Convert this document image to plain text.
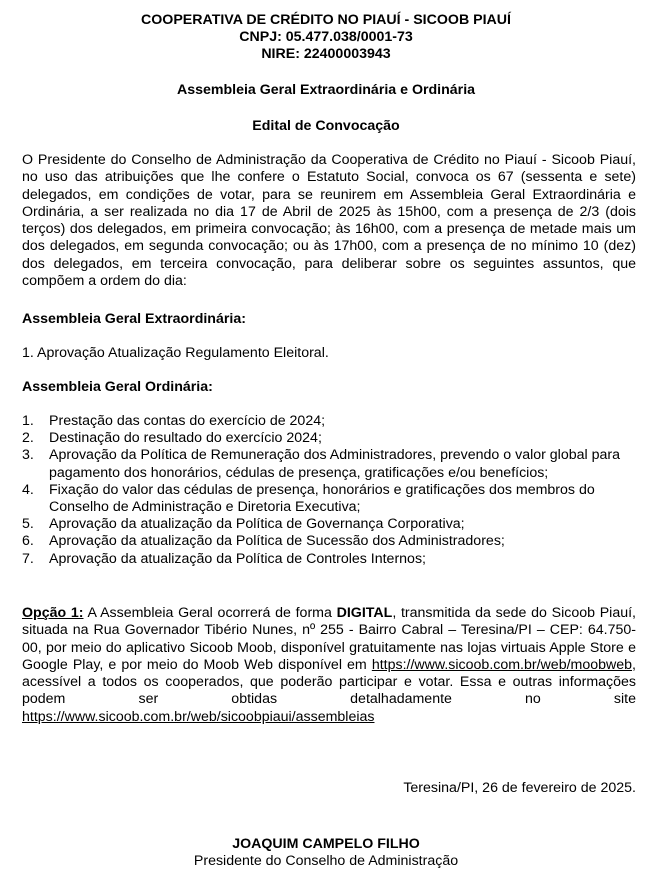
COOPERATIVA DE CRÉDITO NO PIAUÍ - SICOOB PIAUÍ
CNPJ: 05.477.038/0001-73
NIRE: 22400003943
Assembleia Geral Extraordinária e Ordinária
Edital de Convocação
O Presidente do Conselho de Administração da Cooperativa de Crédito no Piauí - Sicoob Piauí, no uso das atribuições que lhe confere o Estatuto Social, convoca os 67 (sessenta e sete) delegados, em condições de votar, para se reunirem em Assembleia Geral Extraordinária e Ordinária, a ser realizada no dia 17 de Abril de 2025 às 15h00, com a presença de 2/3 (dois terços) dos delegados, em primeira convocação; às 16h00, com a presença de metade mais um dos delegados, em segunda convocação; ou às 17h00, com a presença de no mínimo 10 (dez) dos delegados, em terceira convocação, para deliberar sobre os seguintes assuntos, que compõem a ordem do dia:
Assembleia Geral Extraordinária:
1. Aprovação Atualização Regulamento Eleitoral.
Assembleia Geral Ordinária:
1. Prestação das contas do exercício de 2024;
2. Destinação do resultado do exercício 2024;
3. Aprovação da Política de Remuneração dos Administradores, prevendo o valor global para pagamento dos honorários, cédulas de presença, gratificações e/ou benefícios;
4. Fixação do valor das cédulas de presença, honorários e gratificações dos membros do Conselho de Administração e Diretoria Executiva;
5. Aprovação da atualização da Política de Governança Corporativa;
6. Aprovação da atualização da Política de Sucessão dos Administradores;
7. Aprovação da atualização da Política de Controles Internos;
Opção 1: A Assembleia Geral ocorrerá de forma DIGITAL, transmitida da sede do Sicoob Piauí, situada na Rua Governador Tibério Nunes, nº 255 - Bairro Cabral – Teresina/PI – CEP: 64.750-00, por meio do aplicativo Sicoob Moob, disponível gratuitamente nas lojas virtuais Apple Store e Google Play, e por meio do Moob Web disponível em https://www.sicoob.com.br/web/moobweb, acessível a todos os cooperados, que poderão participar e votar. Essa e outras informações podem ser obtidas detalhadamente no site https://www.sicoob.com.br/web/sicoobpiaui/assembleias
Teresina/PI, 26 de fevereiro de 2025.
JOAQUIM CAMPELO FILHO
Presidente do Conselho de Administração
